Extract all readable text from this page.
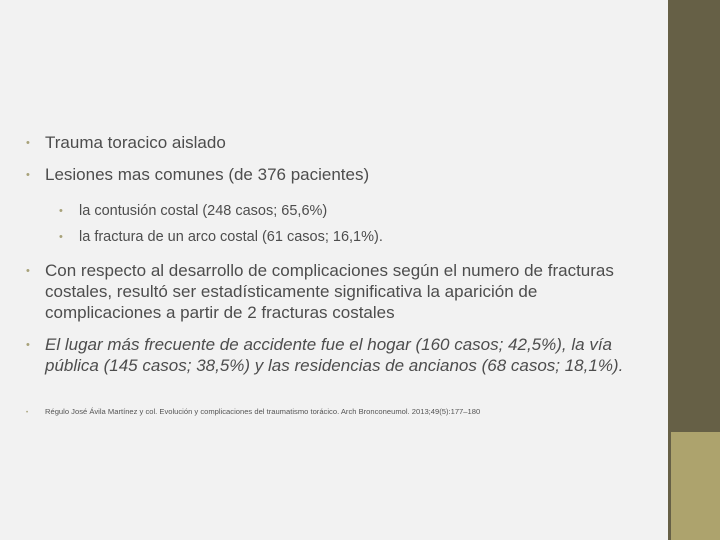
• Trauma toracico aislado
• Lesiones mas comunes (de 376 pacientes)
• la contusión costal (248 casos; 65,6%)
• la fractura de un arco costal (61 casos; 16,1%).
• Con respecto al desarrollo de complicaciones según el numero de fracturas costales, resultó ser estadísticamente significativa la aparición de complicaciones a partir de 2 fracturas costales
• El lugar más frecuente de accidente fue el hogar (160 casos; 42,5%), la vía pública (145 casos; 38,5%) y las residencias de ancianos (68 casos; 18,1%).
• Régulo José Ávila Martínez y col. Evolución y complicaciones del traumatismo torácico. Arch Bronconeumol. 2013;49(5):177–180
